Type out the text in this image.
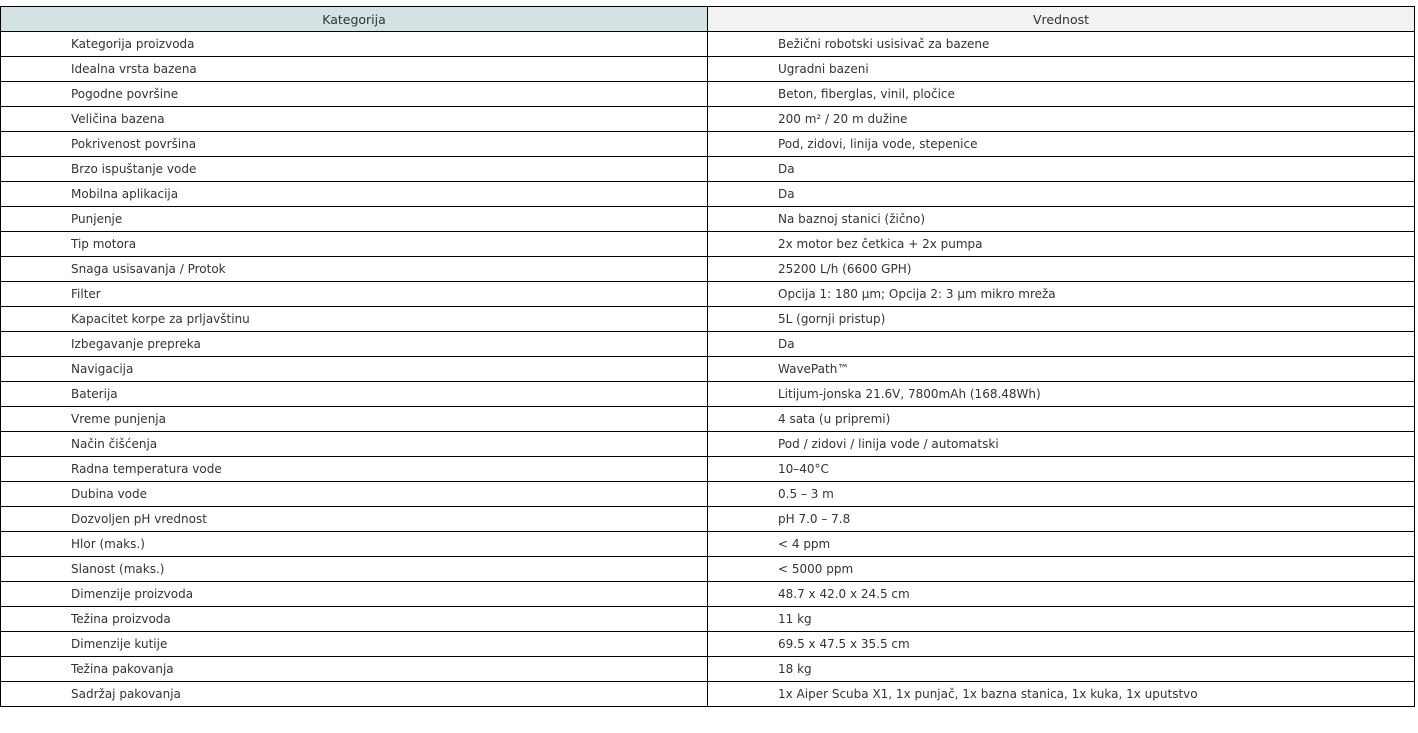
Kategorija	Vrednost
Kategorija proizvoda	Bežični robotski usisivač za bazene
Idealna vrsta bazena	Ugradni bazeni
Pogodne površine	Beton, fiberglas, vinil, pločice
Veličina bazena	200 m² / 20 m dužine
Pokrivenost površina	Pod, zidovi, linija vode, stepenice
Brzo ispuštanje vode	Da
Mobilna aplikacija	Da
Punjenje	Na baznoj stanici (žično)
Tip motora	2x motor bez četkica + 2x pumpa
Snaga usisavanja / Protok	25200 L/h (6600 GPH)
Filter	Opcija 1: 180 µm; Opcija 2: 3 µm mikro mreža
Kapacitet korpe za prljavštinu	5L (gornji pristup)
Izbegavanje prepreka	Da
Navigacija	WavePath™
Baterija	Litijum-jonska 21.6V, 7800mAh (168.48Wh)
Vreme punjenja	4 sata (u pripremi)
Način čišćenja	Pod / zidovi / linija vode / automatski
Radna temperatura vode	10–40°C
Dubina vode	0.5 – 3 m
Dozvoljen pH vrednost	pH 7.0 – 7.8
Hlor (maks.)	< 4 ppm
Slanost (maks.)	< 5000 ppm
Dimenzije proizvoda	48.7 x 42.0 x 24.5 cm
Težina proizvoda	11 kg
Dimenzije kutije	69.5 x 47.5 x 35.5 cm
Težina pakovanja	18 kg
Sadržaj pakovanja	1x Aiper Scuba X1, 1x punjač, 1x bazna stanica, 1x kuka, 1x uputstvo
